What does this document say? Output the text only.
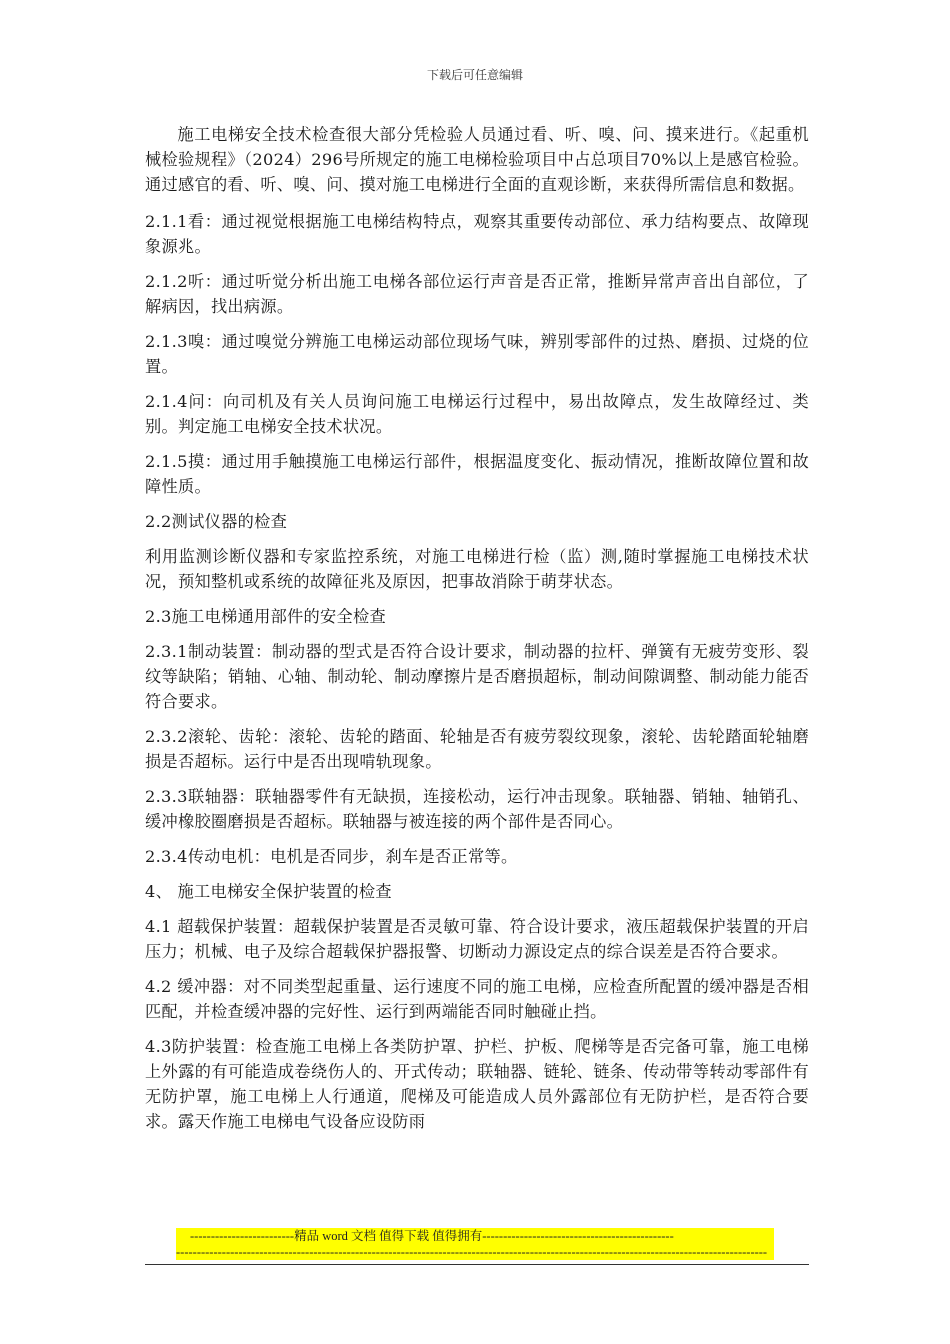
下载后可任意编辑

施工电梯安全技术检查很大部分凭检验人员通过看、听、嗅、问、摸来进行。《起重机械检验规程》（2024）296号所规定的施工电梯检验项目中占总项目70%以上是感官检验。通过感官的看、听、嗅、问、摸对施工电梯进行全面的直观诊断，来获得所需信息和数据。

2.1.1看：通过视觉根据施工电梯结构特点，观察其重要传动部位、承力结构要点、故障现象源兆。

2.1.2听：通过听觉分析出施工电梯各部位运行声音是否正常，推断异常声音出自部位，了解病因，找出病源。

2.1.3嗅：通过嗅觉分辨施工电梯运动部位现场气味，辨别零部件的过热、磨损、过烧的位置。

2.1.4问：向司机及有关人员询问施工电梯运行过程中，易出故障点，发生故障经过、类别。判定施工电梯安全技术状况。

2.1.5摸：通过用手触摸施工电梯运行部件，根据温度变化、振动情况，推断故障位置和故障性质。

2.2测试仪器的检查

利用监测诊断仪器和专家监控系统，对施工电梯进行检（监）测,随时掌握施工电梯技术状况，预知整机或系统的故障征兆及原因，把事故消除于萌芽状态。

2.3施工电梯通用部件的安全检查

2.3.1制动装置：制动器的型式是否符合设计要求，制动器的拉杆、弹簧有无疲劳变形、裂纹等缺陷；销轴、心轴、制动轮、制动摩擦片是否磨损超标，制动间隙调整、制动能力能否符合要求。

2.3.2滚轮、齿轮：滚轮、齿轮的踏面、轮轴是否有疲劳裂纹现象，滚轮、齿轮踏面轮轴磨损是否超标。运行中是否出现啃轨现象。

2.3.3联轴器：联轴器零件有无缺损，连接松动，运行冲击现象。联轴器、销轴、轴销孔、缓冲橡胶圈磨损是否超标。联轴器与被连接的两个部件是否同心。

2.3.4传动电机：电机是否同步，刹车是否正常等。

4、 施工电梯安全保护装置的检查

4.1 超载保护装置：超载保护装置是否灵敏可靠、符合设计要求，液压超载保护装置的开启压力；机械、电子及综合超载保护器报警、切断动力源设定点的综合误差是否符合要求。

4.2 缓冲器：对不同类型起重量、运行速度不同的施工电梯，应检查所配置的缓冲器是否相匹配，并检查缓冲器的完好性、运行到两端能否同时触碰止挡。

4.3防护装置：检查施工电梯上各类防护罩、护栏、护板、爬梯等是否完备可靠，施工电梯上外露的有可能造成卷绕伤人的、开式传动；联轴器、链轮、链条、传动带等转动零部件有无防护罩，施工电梯上人行通道，爬梯及可能造成人员外露部位有无防护栏，是否符合要求。露天作施工电梯电气设备应设防雨

-------------------------精品 word 文档 值得下载 值得拥有----------------------------------------------
----------------------------------------------------------------------------------------------------------------------------------------------
